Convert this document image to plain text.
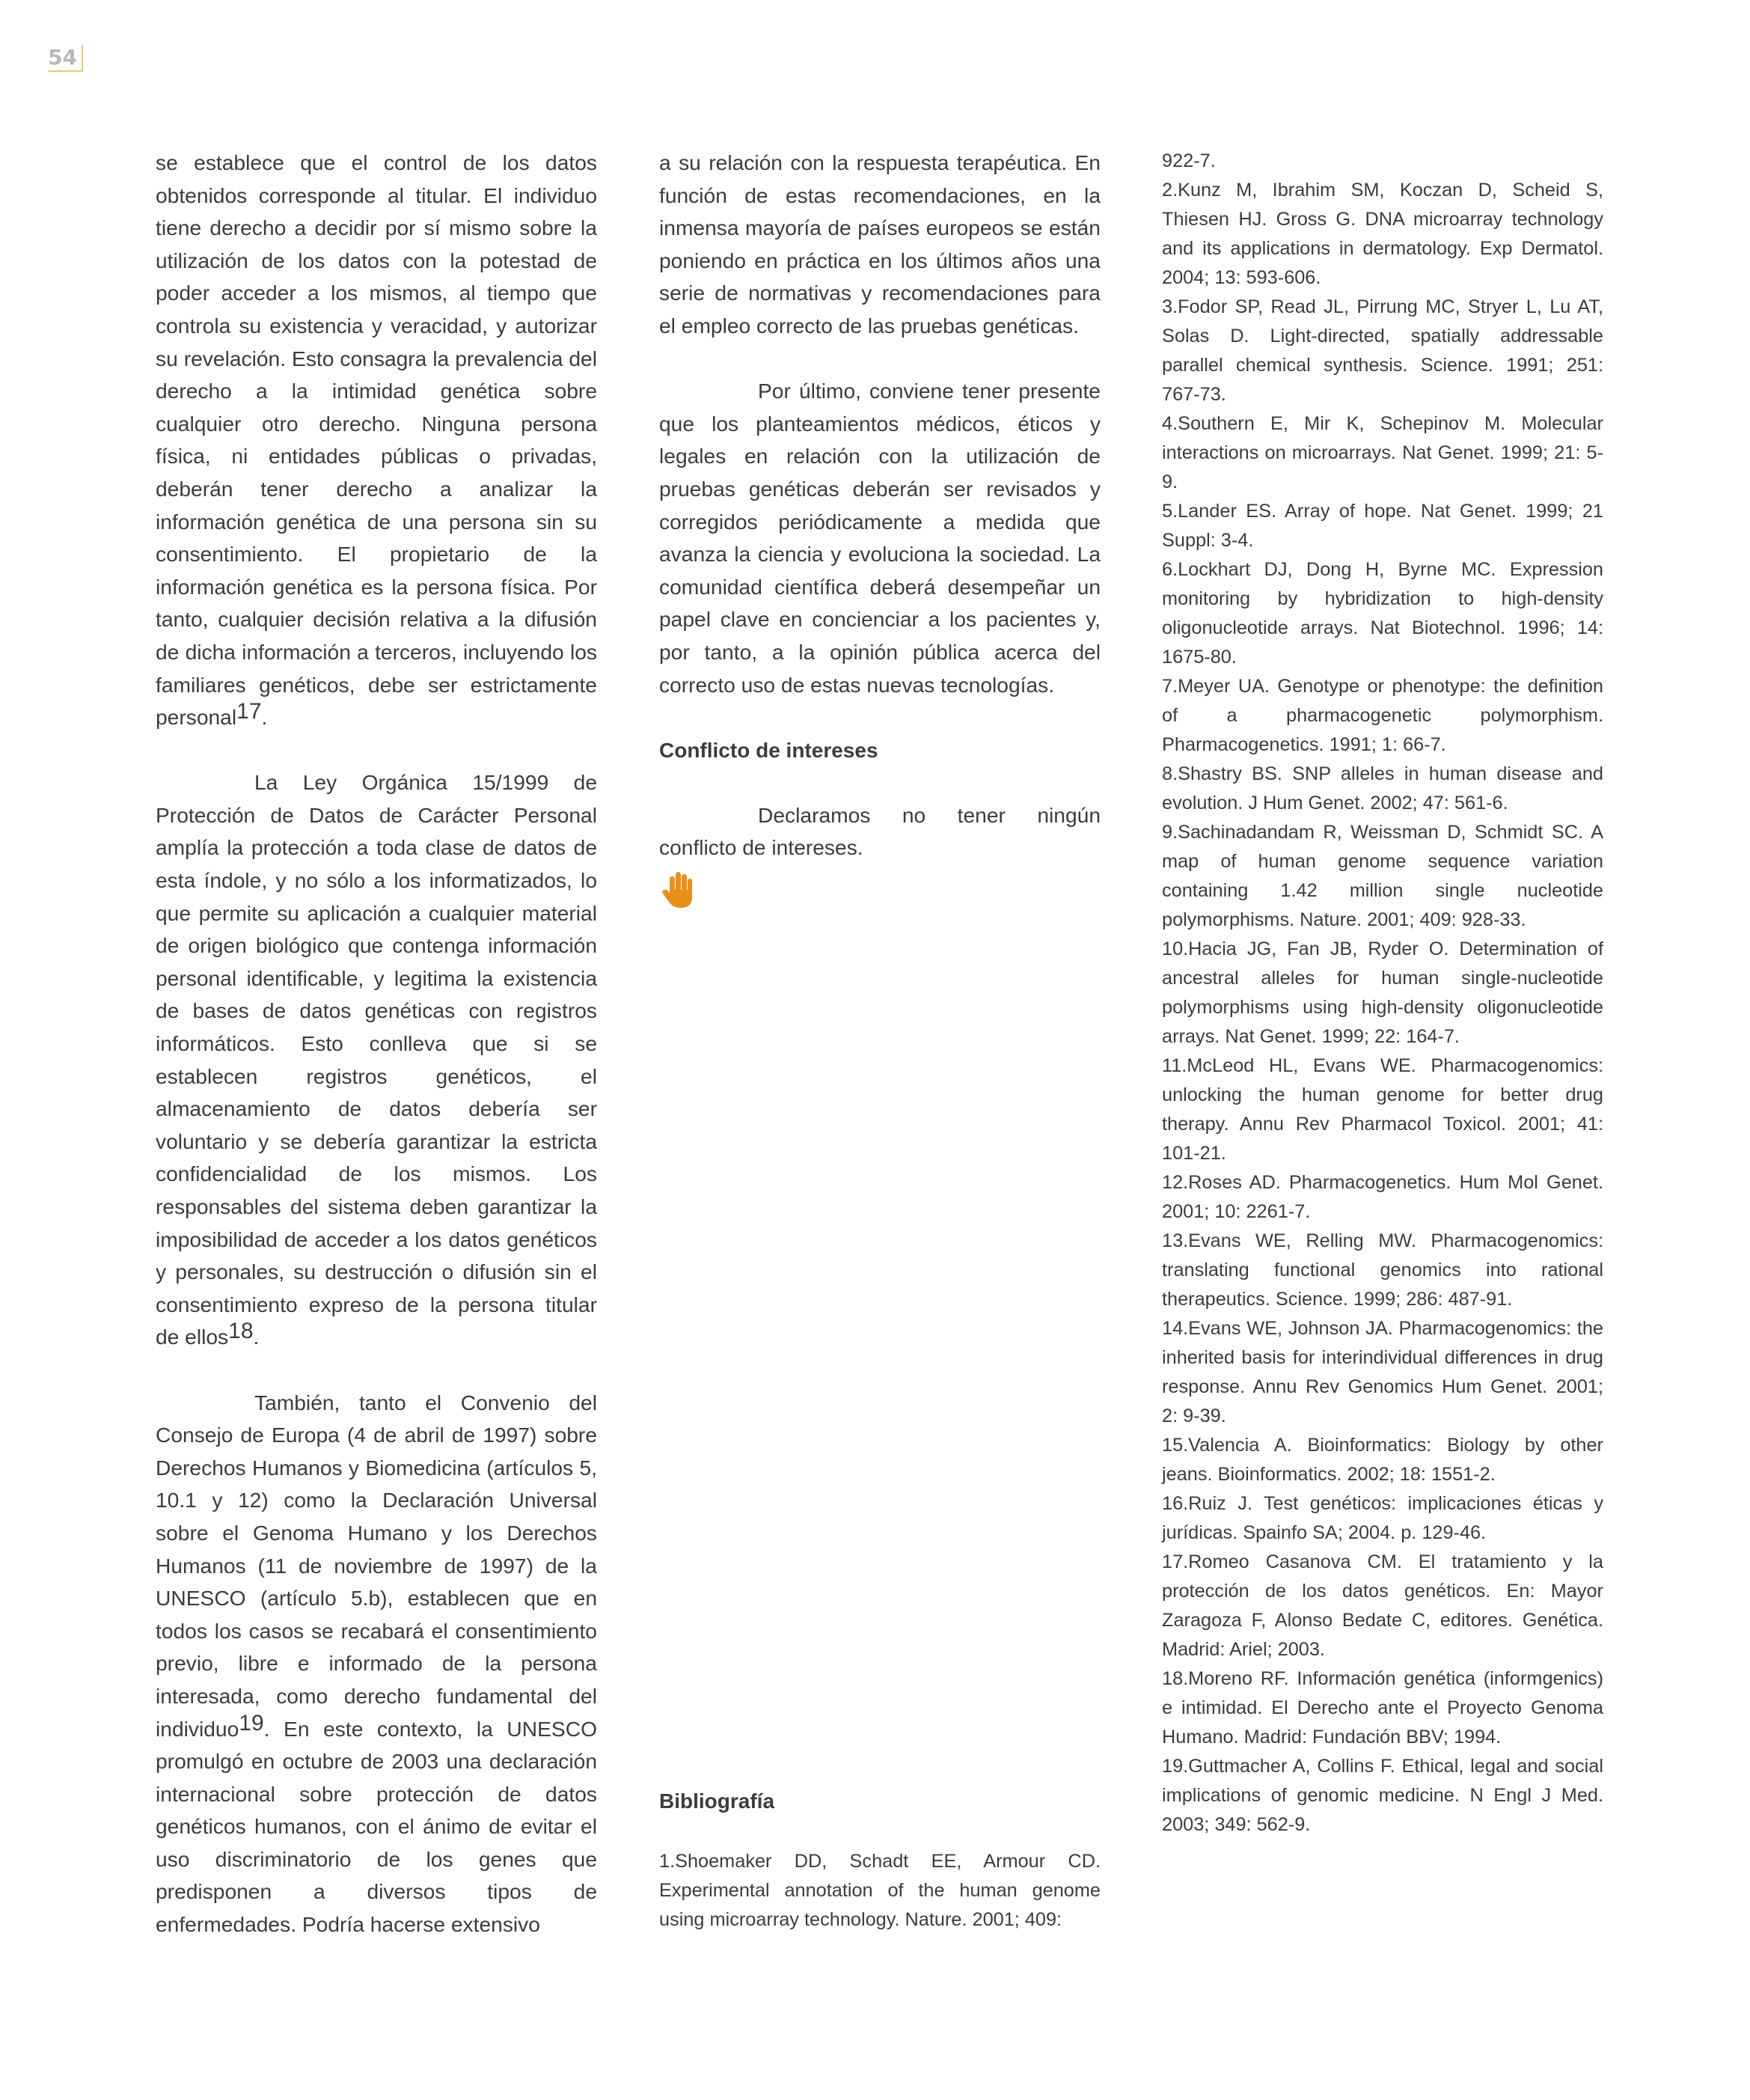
54

se establece que el control de los datos obtenidos corresponde al titular. El individuo tiene derecho a decidir por sí mismo sobre la utilización de los datos con la potestad de poder acceder a los mismos, al tiempo que controla su existencia y veracidad, y autorizar su revelación. Esto consagra la prevalencia del derecho a la intimidad genética sobre cualquier otro derecho. Ninguna persona física, ni entidades públicas o privadas, deberán tener derecho a analizar la información genética de una persona sin su consentimiento. El propietario de la información genética es la persona física. Por tanto, cualquier decisión relativa a la difusión de dicha información a terceros, incluyendo los familiares genéticos, debe ser estrictamente personal$^{17}$.

La Ley Orgánica 15/1999 de Protección de Datos de Carácter Personal amplía la protección a toda clase de datos de esta índole, y no sólo a los informatizados, lo que permite su aplicación a cualquier material de origen biológico que contenga información personal identificable, y legitima la existencia de bases de datos genéticas con registros informáticos. Esto conlleva que si se establecen registros genéticos, el almacenamiento de datos debería ser voluntario y se debería garantizar la estricta confidencialidad de los mismos. Los responsables del sistema deben garantizar la imposibilidad de acceder a los datos genéticos y personales, su destrucción o difusión sin el consentimiento expreso de la persona titular de ellos$^{18}$.

También, tanto el Convenio del Consejo de Europa (4 de abril de 1997) sobre Derechos Humanos y Biomedicina (artículos 5, 10.1 y 12) como la Declaración Universal sobre el Genoma Humano y los Derechos Humanos (11 de noviembre de 1997) de la UNESCO (artículo 5.b), establecen que en todos los casos se recabará el consentimiento previo, libre e informado de la persona interesada, como derecho fundamental del individuo$^{19}$. En este contexto, la UNESCO promulgó en octubre de 2003 una declaración internacional sobre protección de datos genéticos humanos, con el ánimo de evitar el uso discriminatorio de los genes que predisponen a diversos tipos de enfermedades. Podría hacerse extensivo

a su relación con la respuesta terapéutica. En función de estas recomendaciones, en la inmensa mayoría de países europeos se están poniendo en práctica en los últimos años una serie de normativas y recomendaciones para el empleo correcto de las pruebas genéticas.

Por último, conviene tener presente que los planteamientos médicos, éticos y legales en relación con la utilización de pruebas genéticas deberán ser revisados y corregidos periódicamente a medida que avanza la ciencia y evoluciona la sociedad. La comunidad científica deberá desempeñar un papel clave en concienciar a los pacientes y, por tanto, a la opinión pública acerca del correcto uso de estas nuevas tecnologías.

Conflicto de intereses

Declaramos no tener ningún conflicto de intereses.

Bibliografía

1.Shoemaker DD, Schadt EE, Armour CD. Experimental annotation of the human genome using microarray technology. Nature. 2001; 409:

922-7.

2.Kunz M, Ibrahim SM, Koczan D, Scheid S, Thiesen HJ. Gross G. DNA microarray technology and its applications in dermatology. Exp Dermatol. 2004; 13: 593-606.

3.Fodor SP, Read JL, Pirrung MC, Stryer L, Lu AT, Solas D. Light-directed, spatially addressable parallel chemical synthesis. Science. 1991; 251: 767-73.

4.Southern E, Mir K, Schepinov M. Molecular interactions on microarrays. Nat Genet. 1999; 21: 5-9.

5.Lander ES. Array of hope. Nat Genet. 1999; 21 Suppl: 3-4.

6.Lockhart DJ, Dong H, Byrne MC. Expression monitoring by hybridization to high-density oligonucleotide arrays. Nat Biotechnol. 1996; 14: 1675-80.

7.Meyer UA. Genotype or phenotype: the definition of a pharmacogenetic polymorphism. Pharmacogenetics. 1991; 1: 66-7.

8.Shastry BS. SNP alleles in human disease and evolution. J Hum Genet. 2002; 47: 561-6.

9.Sachinadandam R, Weissman D, Schmidt SC. A map of human genome sequence variation containing 1.42 million single nucleotide polymorphisms. Nature. 2001; 409: 928-33.

10.Hacia JG, Fan JB, Ryder O. Determination of ancestral alleles for human single-nucleotide polymorphisms using high-density oligonucleotide arrays. Nat Genet. 1999; 22: 164-7.

11.McLeod HL, Evans WE. Pharmacogenomics: unlocking the human genome for better drug therapy. Annu Rev Pharmacol Toxicol. 2001; 41: 101-21.

12.Roses AD. Pharmacogenetics. Hum Mol Genet. 2001; 10: 2261-7.

13.Evans WE, Relling MW. Pharmacogenomics: translating functional genomics into rational therapeutics. Science. 1999; 286: 487-91.

14.Evans WE, Johnson JA. Pharmacogenomics: the inherited basis for interindividual differences in drug response. Annu Rev Genomics Hum Genet. 2001; 2: 9-39.

15.Valencia A. Bioinformatics: Biology by other jeans. Bioinformatics. 2002; 18: 1551-2.

16.Ruiz J. Test genéticos: implicaciones éticas y jurídicas. Spainfo SA; 2004. p. 129-46.

17.Romeo Casanova CM. El tratamiento y la protección de los datos genéticos. En: Mayor Zaragoza F, Alonso Bedate C, editores. Genética. Madrid: Ariel; 2003.

18.Moreno RF. Información genética (informgenics) e intimidad. El Derecho ante el Proyecto Genoma Humano. Madrid: Fundación BBV; 1994.

19.Guttmacher A, Collins F. Ethical, legal and social implications of genomic medicine. N Engl J Med. 2003; 349: 562-9.
